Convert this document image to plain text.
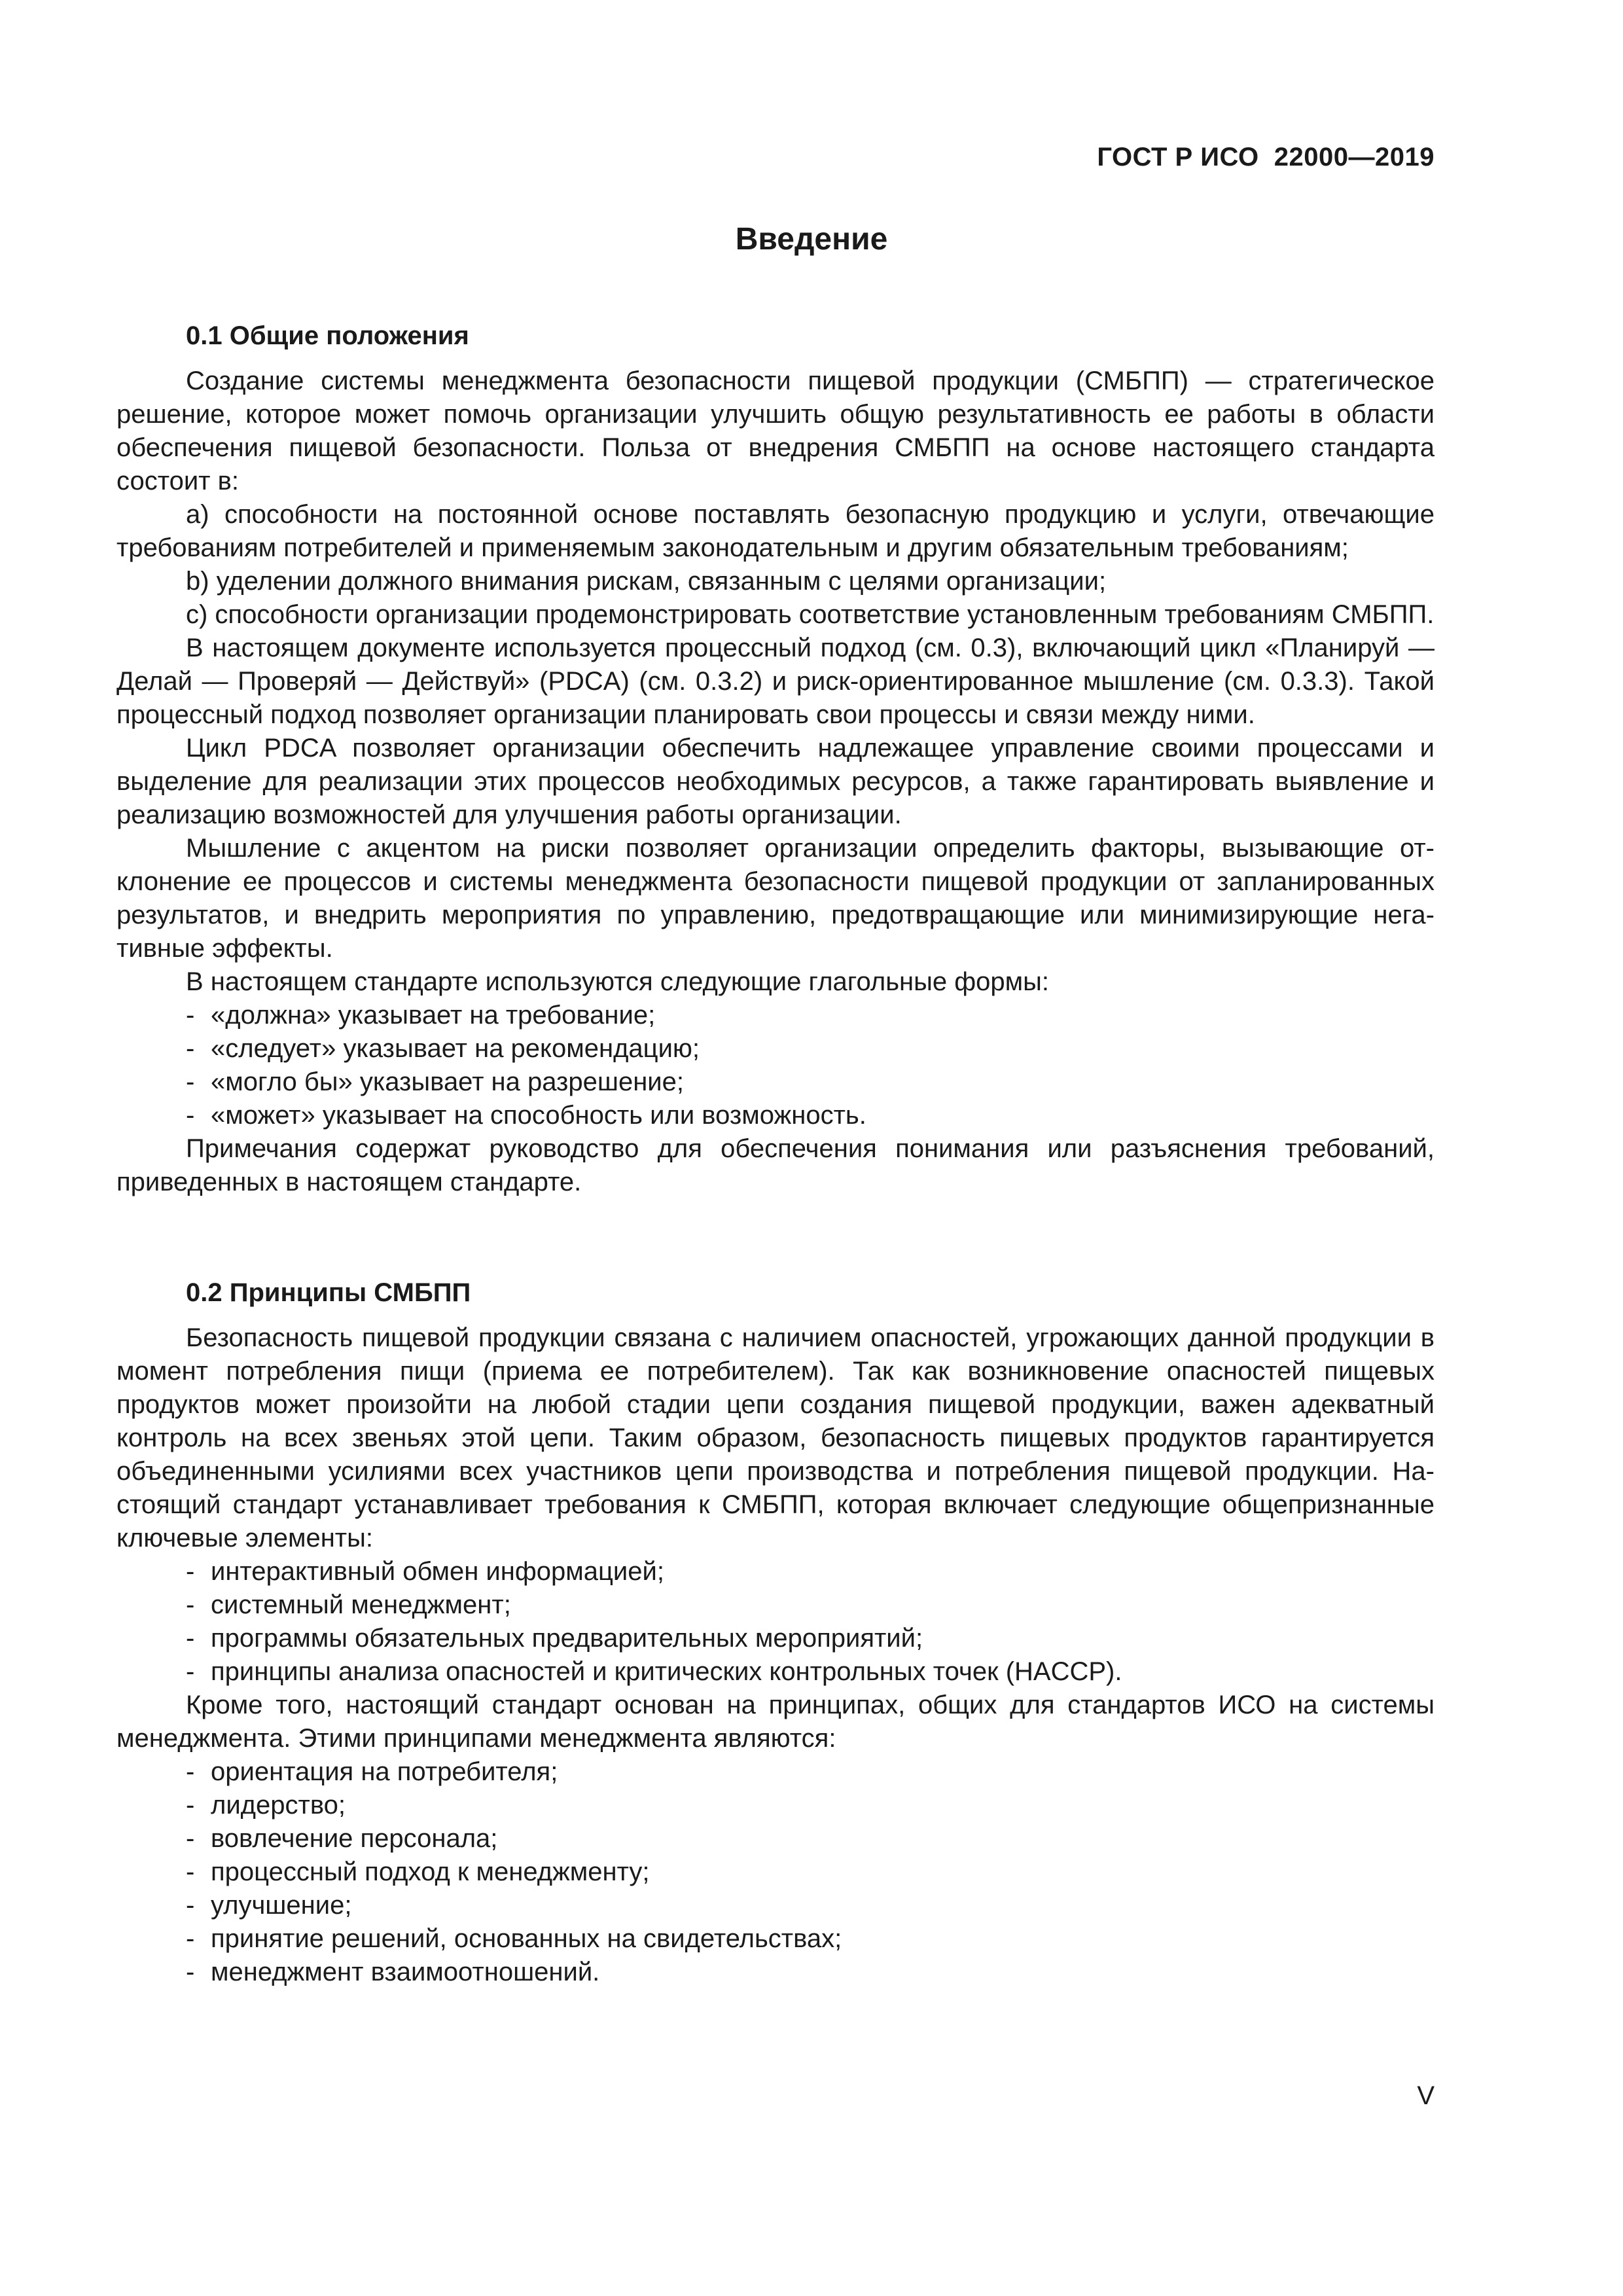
ГОСТ Р ИСО  22000—2019
Введение

0.1 Общие положения

Создание системы менеджмента безопасности пищевой продукции (СМБПП) — стратегическое решение, которое может помочь организации улучшить общую результативность ее работы в области обеспечения пищевой безопасности. Польза от внедрения СМБПП на основе настоящего стандарта состоит в:

a) способности на постоянной основе поставлять безопасную продукцию и услуги, отвечающие требованиям потребителей и применяемым законодательным и другим обязательным требованиям;

b) уделении должного внимания рискам, связанным с целями организации;

c) способности организации продемонстрировать соответствие установленным требованиям СМБПП.

В настоящем документе используется процессный подход (см. 0.3), включающий цикл «Планируй — Делай — Проверяй — Действуй» (PDCA) (см. 0.3.2) и риск-ориентированное мышление (см. 0.3.3). Такой процессный подход позволяет организации планировать свои процессы и связи между ними.

Цикл PDCA позволяет организации обеспечить надлежащее управление своими процессами и выделение для реализации этих процессов необходимых ресурсов, а также гарантировать выявление и реализацию возможностей для улучшения работы организации.

Мышление с акцентом на риски позволяет организации определить факторы, вызывающие отклонение ее процессов и системы менеджмента безопасности пищевой продукции от запланированных результатов, и внедрить мероприятия по управлению, предотвращающие или минимизирующие негативные эффекты.

В настоящем стандарте используются следующие глагольные формы:

- «должна» указывает на требование;
- «следует» указывает на рекомендацию;
- «могло бы» указывает на разрешение;
- «может» указывает на способность или возможность.

Примечания содержат руководство для обеспечения понимания или разъяснения требований, приведенных в настоящем стандарте.

0.2 Принципы СМБПП

Безопасность пищевой продукции связана с наличием опасностей, угрожающих данной продукции в момент потребления пищи (приема ее потребителем). Так как возникновение опасностей пищевых продуктов может произойти на любой стадии цепи создания пищевой продукции, важен адекватный контроль на всех звеньях этой цепи. Таким образом, безопасность пищевых продуктов гарантируется объединенными усилиями всех участников цепи производства и потребления пищевой продукции. Настоящий стандарт устанавливает требования к СМБПП, которая включает следующие общепризнанные ключевые элементы:

- интерактивный обмен информацией;
- системный менеджмент;
- программы обязательных предварительных мероприятий;
- принципы анализа опасностей и критических контрольных точек (HACCP).

Кроме того, настоящий стандарт основан на принципах, общих для стандартов ИСО на системы менеджмента. Этими принципами менеджмента являются:

- ориентация на потребителя;
- лидерство;
- вовлечение персонала;
- процессный подход к менеджменту;
- улучшение;
- принятие решений, основанных на свидетельствах;
- менеджмент взаимоотношений.
V
